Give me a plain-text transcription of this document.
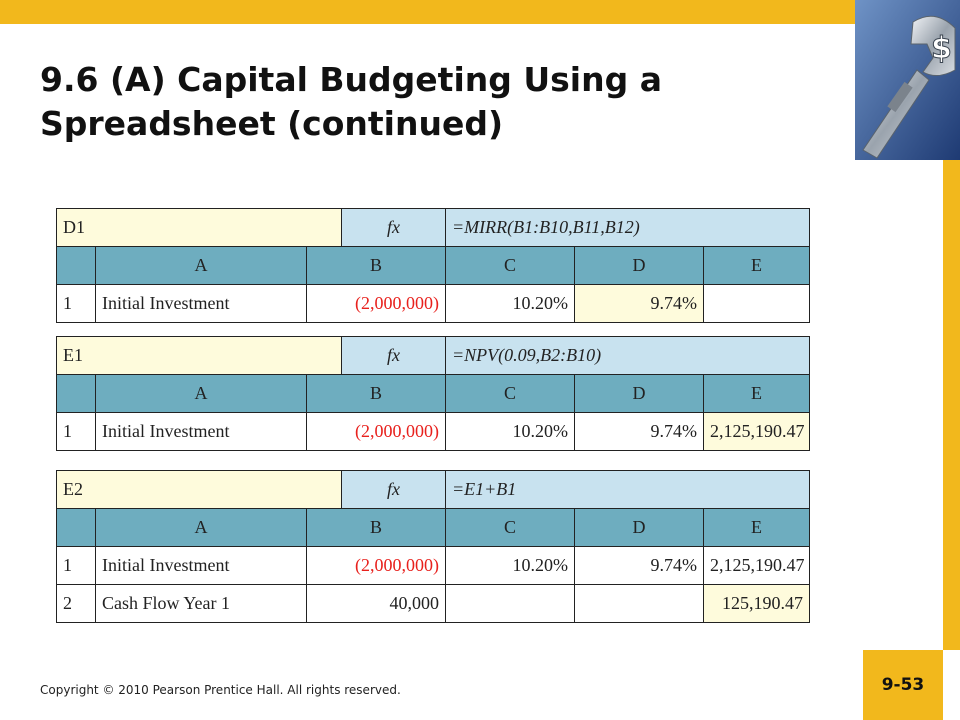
$
9.6 (A) Capital Budgeting Using a
Spreadsheet (continued)
D1			fx	=MIRR(B1:B10,B11,B12)		
	A	B		C	D	E
1	Initial Investment	(2,000,000)		10.20%	9.74%	
E1			fx	=NPV(0.09,B2:B10)		
	A	B		C	D	E
1	Initial Investment	(2,000,000)		10.20%	9.74%	2,125,190.47
E2			fx	=E1+B1		
	A	B		C	D	E
1	Initial Investment	(2,000,000)		10.20%	9.74%	2,125,190.47
2	Cash Flow Year 1	40,000				125,190.47
Copyright © 2010 Pearson Prentice Hall. All rights reserved.	9-53
